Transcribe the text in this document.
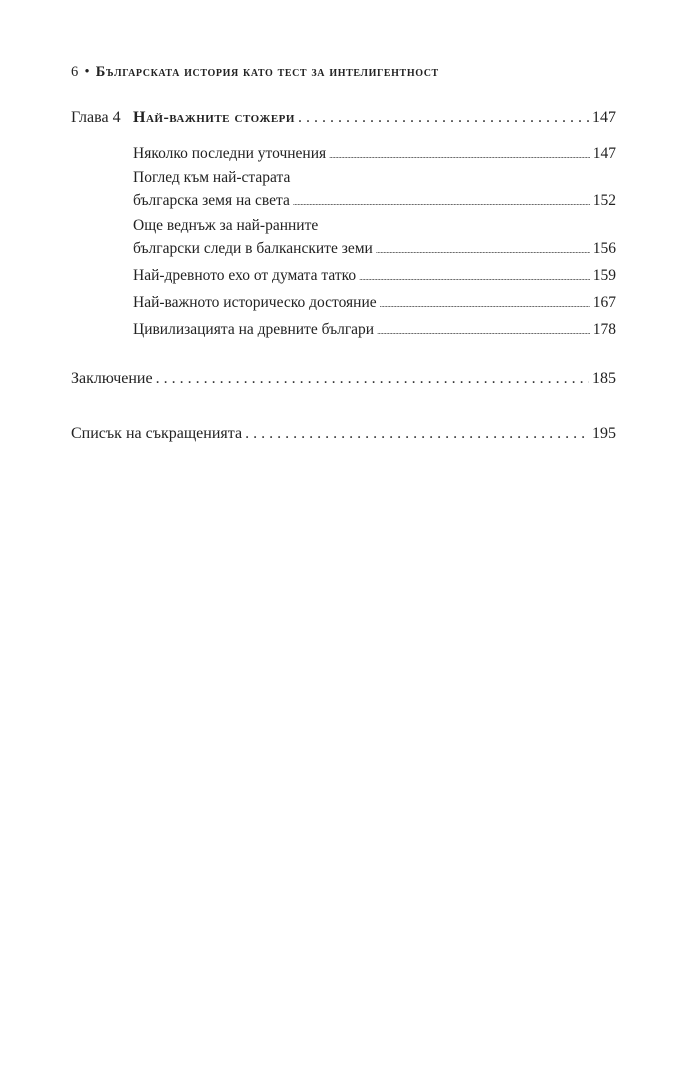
6 • Българската история като тест за интелигентност
Глава 4 Най-важните стожери . . .	147
Няколко последни уточнения .....	147
Поглед към най-старата
българска земя на света .....	152
Още веднъж за най-ранните
български следи в балканските земи .....	156
Най-древното ехо от думата татко .....	159
Най-важното историческо достояние .....	167
Цивилизацията на древните българи .....	178
Заключение . . .	185
Списък на съкращенията . . .	195
